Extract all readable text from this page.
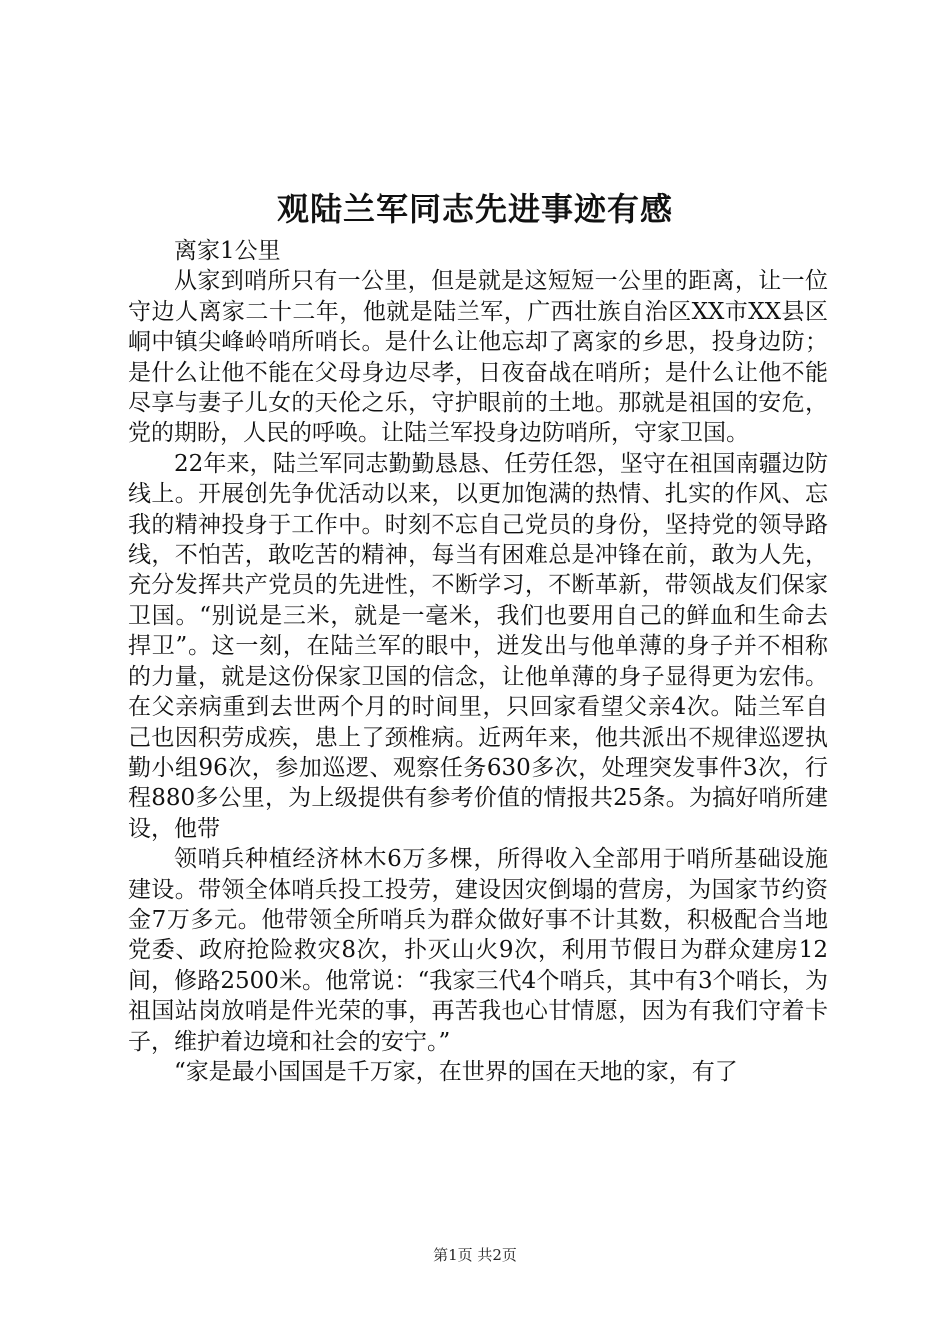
观陆兰军同志先进事迹有感

离家1公里

从家到哨所只有一公里，但是就是这短短一公里的距离，让一位守边人离家二十二年，他就是陆兰军，广西壮族自治区XX市XX县区峒中镇尖峰岭哨所哨长。是什么让他忘却了离家的乡思，投身边防；是什么让他不能在父母身边尽孝，日夜奋战在哨所；是什么让他不能尽享与妻子儿女的天伦之乐，守护眼前的土地。那就是祖国的安危，党的期盼，人民的呼唤。让陆兰军投身边防哨所，守家卫国。

22年来，陆兰军同志勤勤恳恳、任劳任怨，坚守在祖国南疆边防线上。开展创先争优活动以来，以更加饱满的热情、扎实的作风、忘我的精神投身于工作中。时刻不忘自己党员的身份，坚持党的领导路线，不怕苦，敢吃苦的精神，每当有困难总是冲锋在前，敢为人先，充分发挥共产党员的先进性，不断学习，不断革新，带领战友们保家卫国。“别说是三米，就是一毫米，我们也要用自己的鲜血和生命去捍卫”。这一刻，在陆兰军的眼中，迸发出与他单薄的身子并不相称的力量，就是这份保家卫国的信念，让他单薄的身子显得更为宏伟。在父亲病重到去世两个月的时间里，只回家看望父亲4次。陆兰军自己也因积劳成疾，患上了颈椎病。近两年来，他共派出不规律巡逻执勤小组96次，参加巡逻、观察任务630多次，处理突发事件3次，行程880多公里，为上级提供有参考价值的情报共25条。为搞好哨所建设，他带

领哨兵种植经济林木6万多棵，所得收入全部用于哨所基础设施建设。带领全体哨兵投工投劳，建设因灾倒塌的营房，为国家节约资金7万多元。他带领全所哨兵为群众做好事不计其数，积极配合当地党委、政府抢险救灾8次，扑灭山火9次，利用节假日为群众建房12间，修路2500米。他常说：“我家三代4个哨兵，其中有3个哨长，为祖国站岗放哨是件光荣的事，再苦我也心甘情愿，因为有我们守着卡子，维护着边境和社会的安宁。”

“家是最小国国是千万家，在世界的国在天地的家，有了

第1页 共2页
